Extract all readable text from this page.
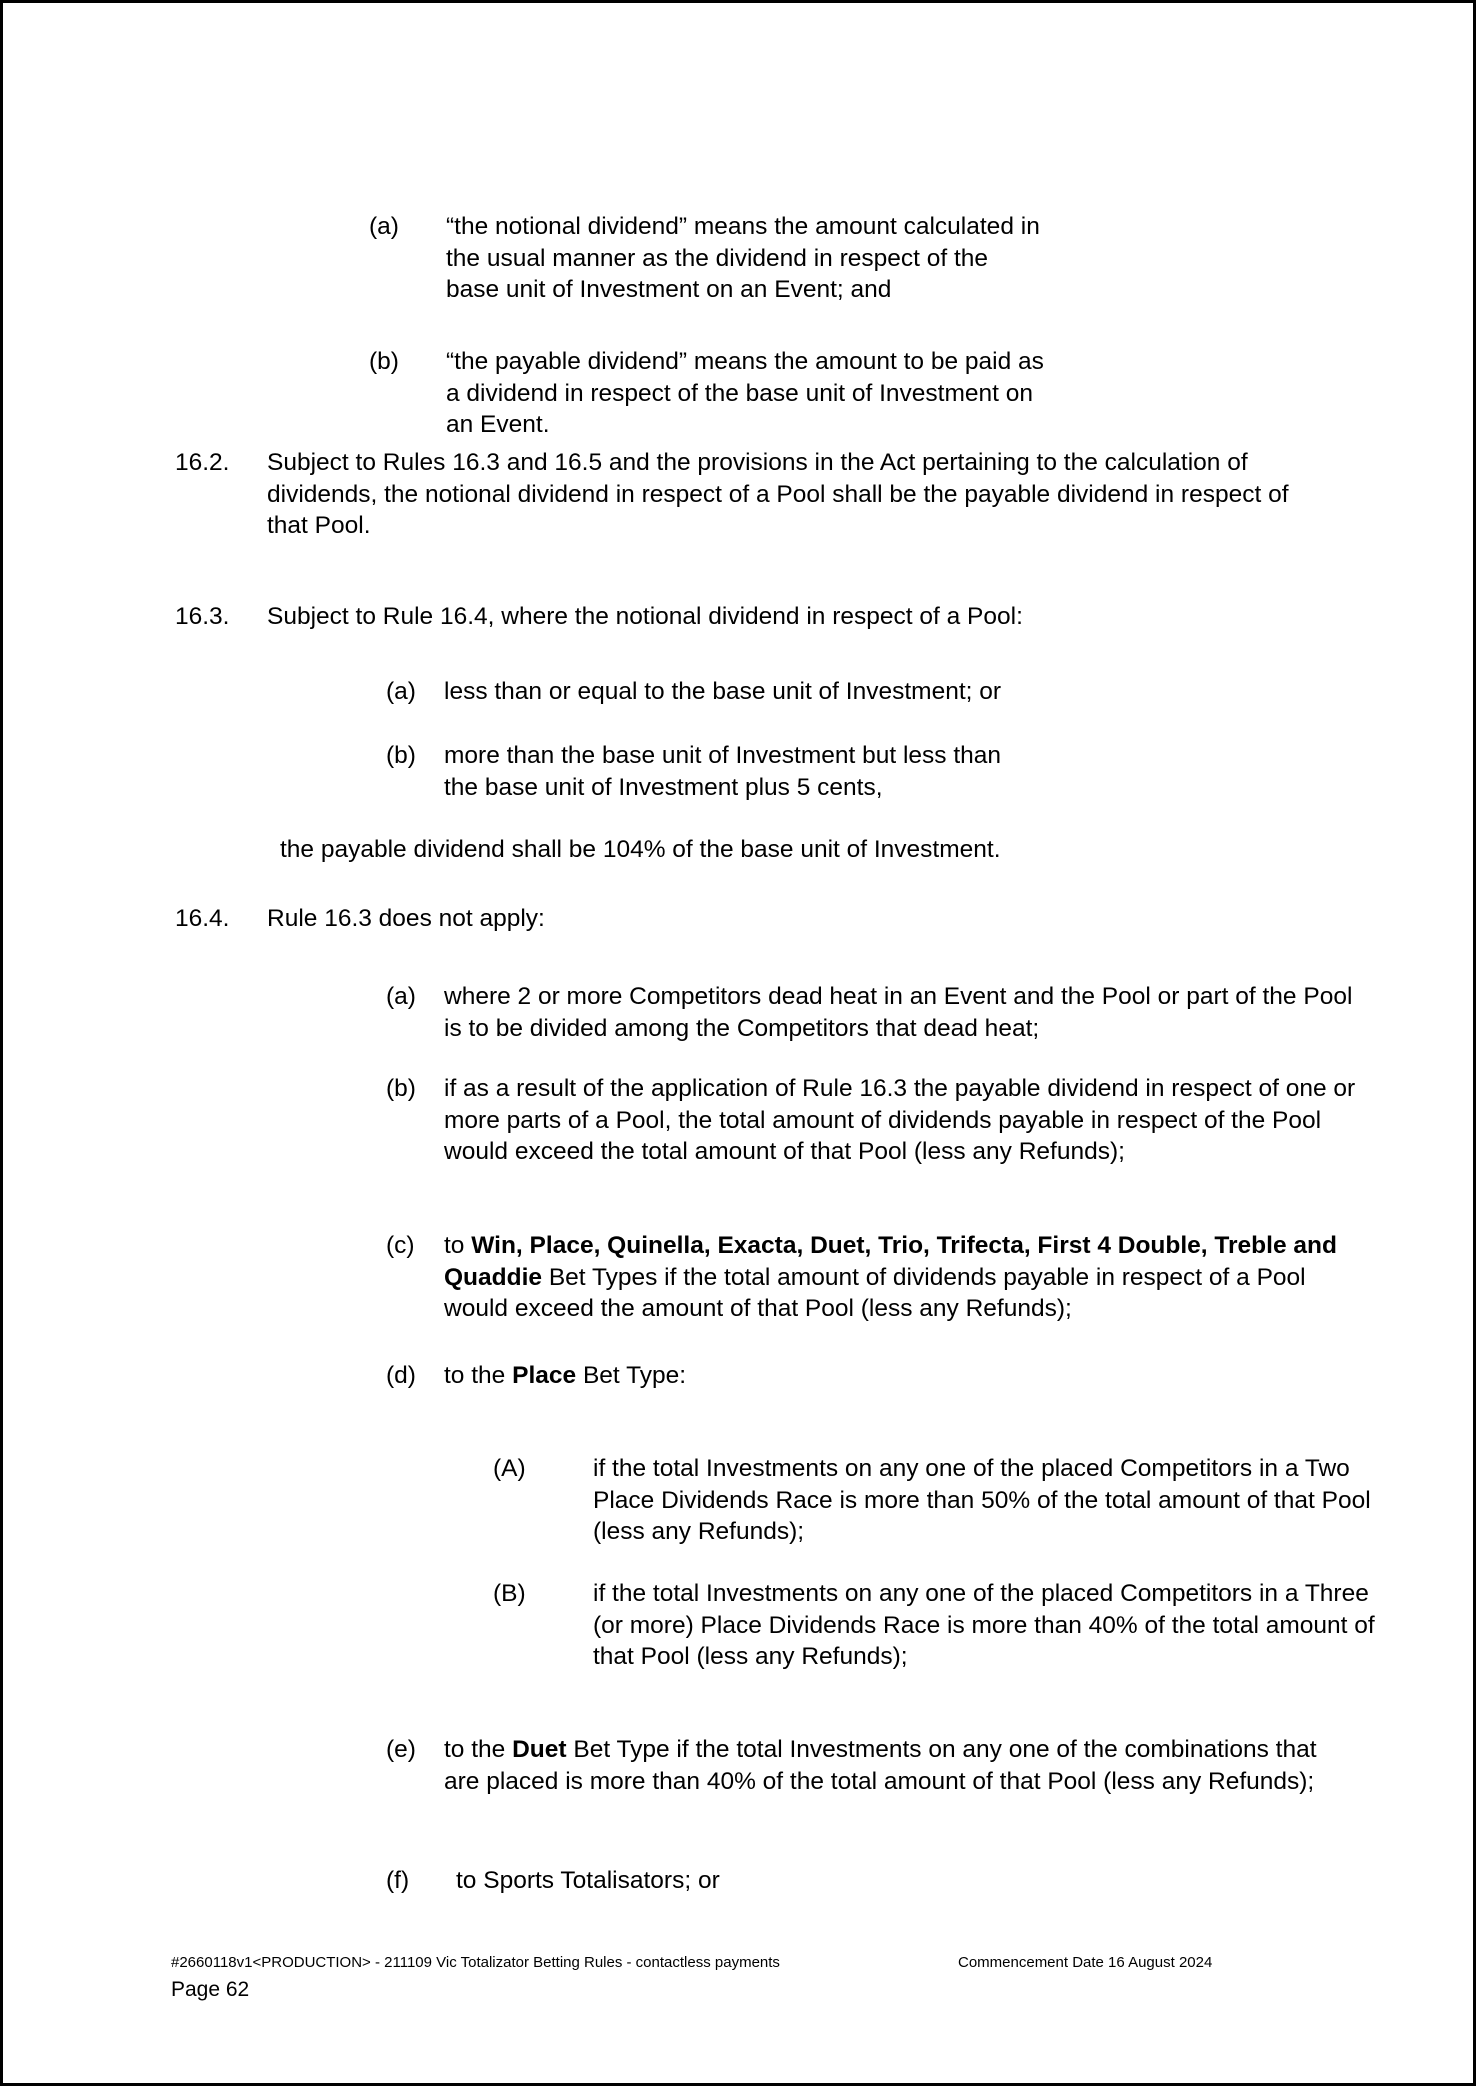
(a) “the notional dividend” means the amount calculated in the usual manner as the dividend in respect of the base unit of Investment on an Event; and
(b) “the payable dividend” means the amount to be paid as a dividend in respect of the base unit of Investment on an Event.
16.2.	Subject to Rules 16.3 and 16.5 and the provisions in the Act pertaining to the calculation of dividends, the notional dividend in respect of a Pool shall be the payable dividend in respect of that Pool.
16.3.	Subject to Rule 16.4, where the notional dividend in respect of a Pool:
(a) less than or equal to the base unit of Investment; or
(b) more than the base unit of Investment but less than the base unit of Investment plus 5 cents,
the payable dividend shall be 104% of the base unit of Investment.
16.4.	Rule 16.3 does not apply:
(a) where 2 or more Competitors dead heat in an Event and the Pool or part of the Pool is to be divided among the Competitors that dead heat;
(b) if as a result of the application of Rule 16.3 the payable dividend in respect of one or more parts of a Pool, the total amount of dividends payable in respect of the Pool would exceed the total amount of that Pool (less any Refunds);
(c) to Win, Place, Quinella, Exacta, Duet, Trio, Trifecta, First 4 Double, Treble and Quaddie Bet Types if the total amount of dividends payable in respect of a Pool would exceed the amount of that Pool (less any Refunds);
(d) to the Place Bet Type:
(A)	if the total Investments on any one of the placed Competitors in a Two Place Dividends Race is more than 50% of the total amount of that Pool (less any Refunds);
(B)	if the total Investments on any one of the placed Competitors in a Three (or more) Place Dividends Race is more than 40% of the total amount of that Pool (less any Refunds);
(e) to the Duet Bet Type if the total Investments on any one of the combinations that are placed is more than 40% of the total amount of that Pool (less any Refunds);
(f) to Sports Totalisators; or
#2660118v1<PRODUCTION> - 211109 Vic Totalizator Betting Rules - contactless payments	Commencement Date 16 August 2024
Page 62
